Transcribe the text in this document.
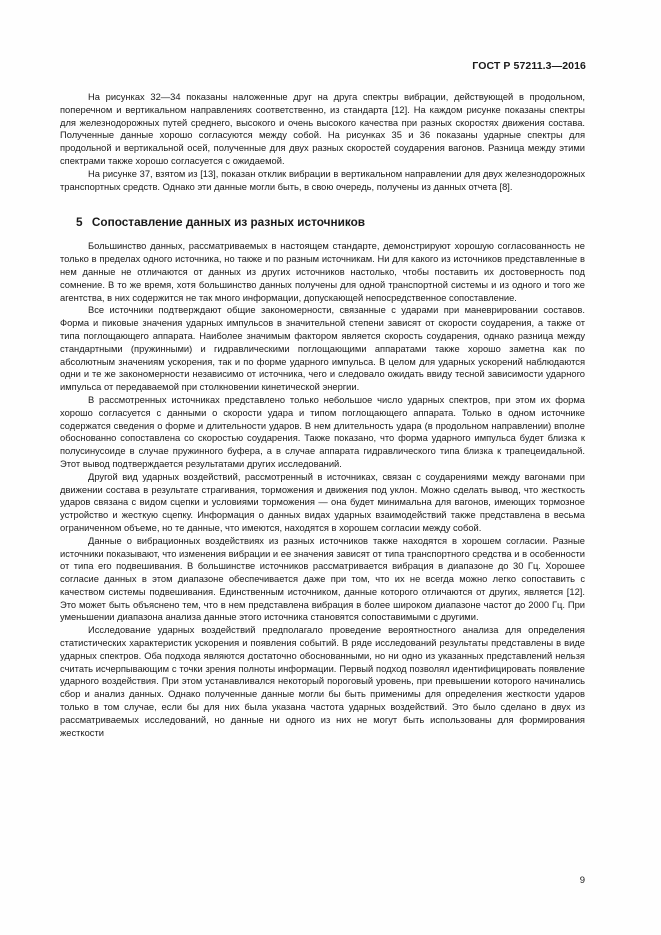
ГОСТ Р 57211.3—2016

На рисунках 32—34 показаны наложенные друг на друга спектры вибрации, действующей в продольном, поперечном и вертикальном направлениях соответственно, из стандарта [12]. На каждом рисунке показаны спектры для железнодорожных путей среднего, высокого и очень высокого качества при разных скоростях движения состава. Полученные данные хорошо согласуются между собой. На рисунках 35 и 36 показаны ударные спектры для продольной и вертикальной осей, полученные для двух разных скоростей соударения вагонов. Разница между этими спектрами также хорошо согласуется с ожидаемой.

На рисунке 37, взятом из [13], показан отклик вибрации в вертикальном направлении для двух железнодорожных транспортных средств. Однако эти данные могли быть, в свою очередь, получены из данных отчета [8].

5 Сопоставление данных из разных источников

Большинство данных, рассматриваемых в настоящем стандарте, демонстрируют хорошую согласованность не только в пределах одного источника, но также и по разным источникам. Ни для какого из источников представленные в нем данные не отличаются от данных из других источников настолько, чтобы поставить их достоверность под сомнение. В то же время, хотя большинство данных получены для одной транспортной системы и из одного и того же агентства, в них содержится не так много информации, допускающей непосредственное сопоставление.

Все источники подтверждают общие закономерности, связанные с ударами при маневрировании составов. Форма и пиковые значения ударных импульсов в значительной степени зависят от скорости соударения, а также от типа поглощающего аппарата. Наиболее значимым фактором является скорость соударения, однако разница между стандартными (пружинными) и гидравлическими поглощающими аппаратами также хорошо заметна как по абсолютным значениям ускорения, так и по форме ударного импульса. В целом для ударных ускорений наблюдаются одни и те же закономерности независимо от источника, чего и следовало ожидать ввиду тесной зависимости ударного импульса от передаваемой при столкновении кинетической энергии.

В рассмотренных источниках представлено только небольшое число ударных спектров, при этом их форма хорошо согласуется с данными о скорости удара и типом поглощающего аппарата. Только в одном источнике содержатся сведения о форме и длительности ударов. В нем длительность удара (в продольном направлении) вполне обоснованно сопоставлена со скоростью соударения. Также показано, что форма ударного импульса будет близка к полусинусоиде в случае пружинного буфера, а в случае аппарата гидравлического типа близка к трапецеидальной. Этот вывод подтверждается результатами других исследований.

Другой вид ударных воздействий, рассмотренный в источниках, связан с соударениями между вагонами при движении состава в результате страгивания, торможения и движения под уклон. Можно сделать вывод, что жесткость ударов связана с видом сцепки и условиями торможения — она будет минимальна для вагонов, имеющих тормозное устройство и жесткую сцепку. Информация о данных видах ударных взаимодействий также представлена в весьма ограниченном объеме, но те данные, что имеются, находятся в хорошем согласии между собой.

Данные о вибрационных воздействиях из разных источников также находятся в хорошем согласии. Разные источники показывают, что изменения вибрации и ее значения зависят от типа транспортного средства и в особенности от типа его подвешивания. В большинстве источников рассматривается вибрация в диапазоне до 30 Гц. Хорошее согласие данных в этом диапазоне обеспечивается даже при том, что их не всегда можно легко сопоставить с качеством системы подвешивания. Единственным источником, данные которого отличаются от других, является [12]. Это может быть объяснено тем, что в нем представлена вибрация в более широком диапазоне частот до 2000 Гц. При уменьшении диапазона анализа данные этого источника становятся сопоставимыми с другими.

Исследование ударных воздействий предполагало проведение вероятностного анализа для определения статистических характеристик ускорения и появления событий. В ряде исследований результаты представлены в виде ударных спектров. Оба подхода являются достаточно обоснованными, но ни одно из указанных представлений нельзя считать исчерпывающим с точки зрения полноты информации. Первый подход позволял идентифицировать появление ударного воздействия. При этом устанавливался некоторый пороговый уровень, при превышении которого начинались сбор и анализ данных. Однако полученные данные могли бы быть применимы для определения жесткости ударов только в том случае, если бы для них была указана частота ударных воздействий. Это было сделано в двух из рассматриваемых исследований, но данные ни одного из них не могут быть использованы для формирования жесткости

9
